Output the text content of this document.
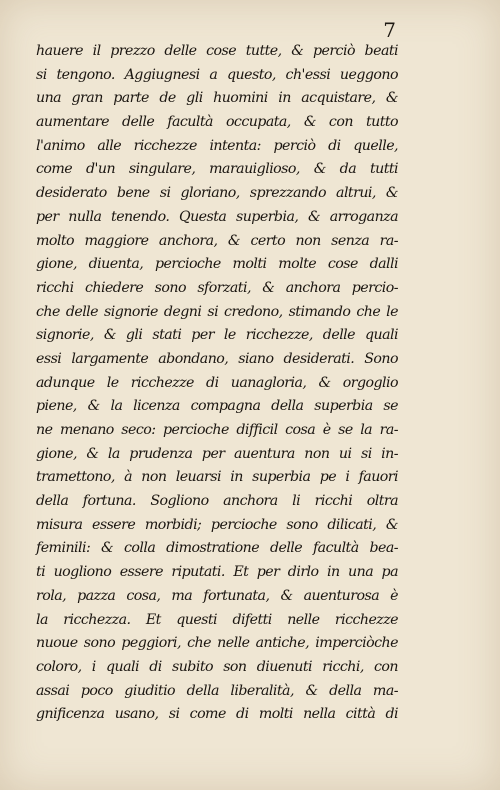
7
hauere il prezzo delle cose tutte, & perciò beati
si tengono. Aggiugnesi a questo, ch'essi ueggono
una gran parte de gli huomini in acquistare, &
aumentare delle facultà occupata, & con tutto
l'animo alle ricchezze intenta: perciò di quelle,
come d'un singulare, marauiglioso, & da tutti
desiderato bene si gloriano, sprezzando altrui, &
per nulla tenendo. Questa superbia, & arroganza
molto maggiore anchora, & certo non senza ra-
gione, diuenta, percioche molti molte cose dalli
ricchi chiedere sono sforzati, & anchora percio-
che delle signorie degni si credono, stimando che le
signorie, & gli stati per le ricchezze, delle quali
essi largamente abondano, siano desiderati. Sono
adunque le ricchezze di uanagloria, & orgoglio
piene, & la licenza compagna della superbia se
ne menano seco: percioche difficil cosa è se la ra-
gione, & la prudenza per auentura non ui si in-
tramettono, à non leuarsi in superbia pe i fauori
della fortuna. Sogliono anchora li ricchi oltra
misura essere morbidi; percioche sono dilicati, &
feminili: & colla dimostratione delle facultà bea-
ti uogliono essere riputati. Et per dirlo in una pa
rola, pazza cosa, ma fortunata, & auenturosa è
la ricchezza. Et questi difetti nelle ricchezze
nuoue sono peggiori, che nelle antiche, imperciòche
coloro, i quali di subito son diuenuti ricchi, con
assai poco giuditio della liberalità, & della ma-
gnificenza usano, si come di molti nella città di
